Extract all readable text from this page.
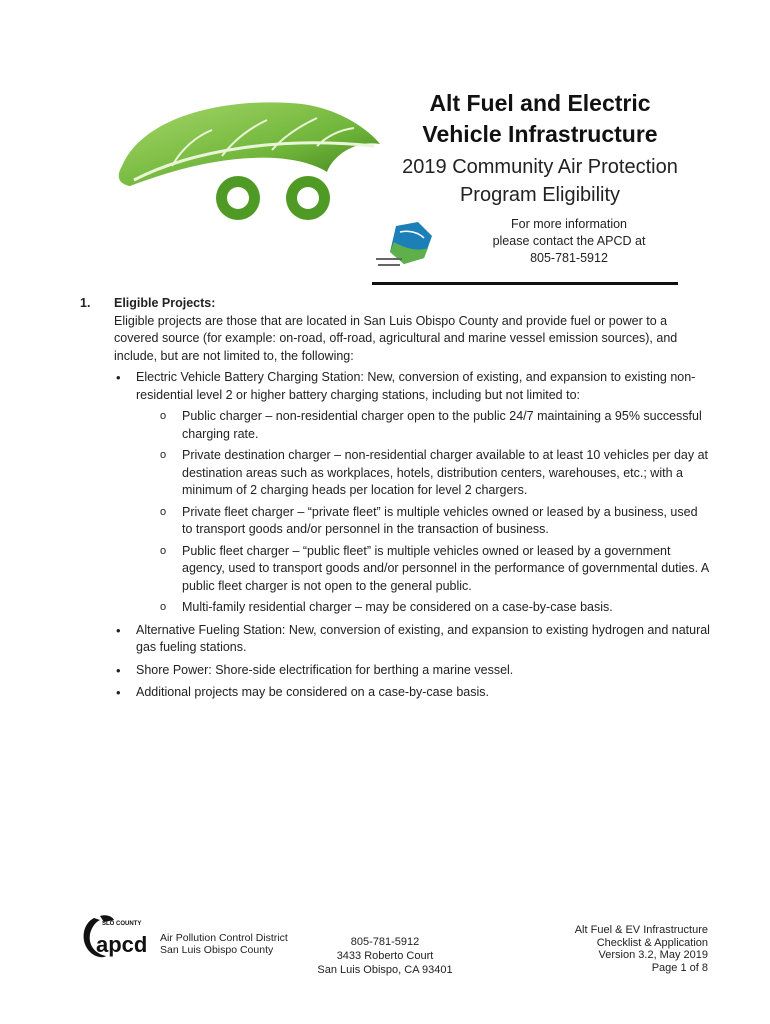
Alt Fuel and Electric
Vehicle Infrastructure
2019 Community Air Protection
Program Eligibility
For more information
please contact the APCD at
805-781-5912
1.	Eligible Projects:
Eligible projects are those that are located in San Luis Obispo County and provide fuel or power to a covered source (for example: on-road, off-road, agricultural and marine vessel emission sources), and include, but are not limited to, the following:
• Electric Vehicle Battery Charging Station: New, conversion of existing, and expansion to existing non-residential level 2 or higher battery charging stations, including but not limited to:
o Public charger – non-residential charger open to the public 24/7 maintaining a 95% successful charging rate.
o Private destination charger – non-residential charger available to at least 10 vehicles per day at destination areas such as workplaces, hotels, distribution centers, warehouses, etc.; with a minimum of 2 charging heads per location for level 2 chargers.
o Private fleet charger – “private fleet” is multiple vehicles owned or leased by a business, used to transport goods and/or personnel in the transaction of business.
o Public fleet charger – “public fleet” is multiple vehicles owned or leased by a government agency, used to transport goods and/or personnel in the performance of governmental duties. A public fleet charger is not open to the general public.
o Multi-family residential charger – may be considered on a case-by-case basis.
• Alternative Fueling Station: New, conversion of existing, and expansion to existing hydrogen and natural gas fueling stations.
• Shore Power: Shore-side electrification for berthing a marine vessel.
• Additional projects may be considered on a case-by-case basis.
SLO COUNTY
apcd Air Pollution Control District
San Luis Obispo County
805-781-5912
3433 Roberto Court
San Luis Obispo, CA 93401
Alt Fuel & EV Infrastructure
Checklist & Application
Version 3.2, May 2019
Page 1 of 8
